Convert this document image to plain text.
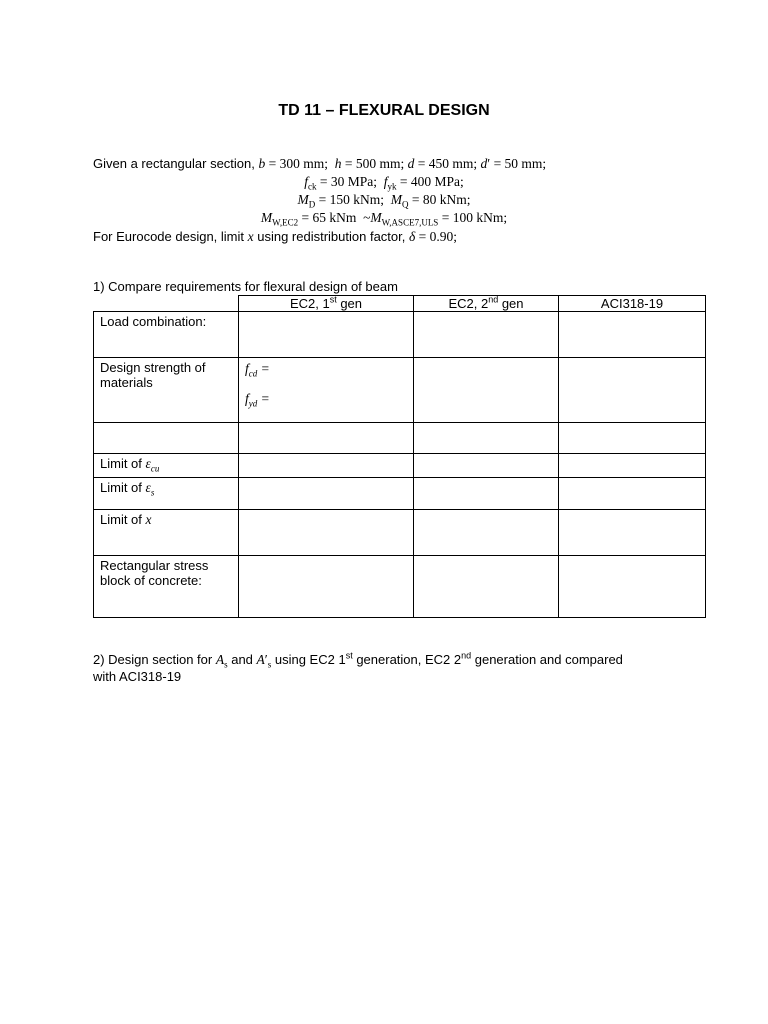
TD 11 – FLEXURAL DESIGN
Given a rectangular section, b = 300 mm;  h = 500 mm; d = 450 mm; d′ = 50 mm;
$f_{ck} = 30$ MPa;  $f_{yk} = 400$ MPa;
$M_D = 150$ kNm;  $M_Q = 80$ kNm;
$M_{W,EC2} = 65$ kNm  $\sim M_{W,ASCE7,ULS} = 100$ kNm;
For Eurocode design, limit x using redistribution factor, δ = 0.90;
1) Compare requirements for flexural design of beam
	EC2, 1st gen	EC2, 2nd gen	ACI318-19
Load combination:			
Design strength of materials	$f_{cd}$ =
$f_{yd}$ =		

Limit of $\varepsilon_{cu}$			
Limit of $\varepsilon_s$			
Limit of x			
Rectangular stress block of concrete:			
2) Design section for $A_s$ and $A'_s$ using EC2 1st generation, EC2 2nd generation and compared
with ACI318-19
